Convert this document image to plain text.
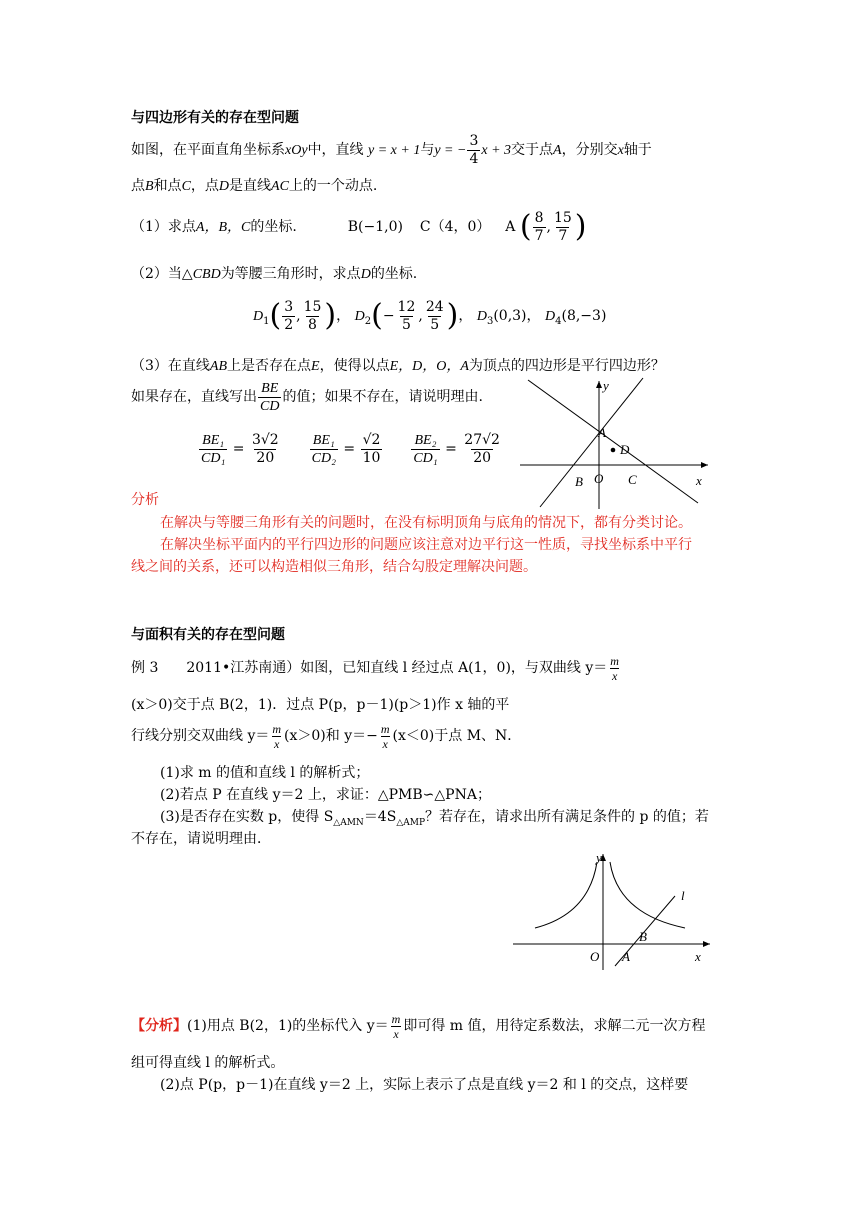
与四边形有关的存在型问题
如图，在平面直角坐标系xOy中，直线 y = x + 1与y = − $\frac{3}{4}$ x + 3交于点A，分别交x轴于
点B和点C，点D是直线AC上的一个动点.
（1）求点A，B，C的坐标.	B(−1,0) C（4，0） A ( $\frac{8}{7}$ , $\frac{15}{7}$ )
（2）当△CBD为等腰三角形时，求点D的坐标.
$D_1( \frac{3}{2}$ , $\frac{15}{8}$ )， $D_2(- \frac{12}{5}$ , $\frac{24}{5}$ )， $D_3(0,3)$， $D_4(8,-3)$
（3）在直线AB上是否存在点E，使得以点E，D，O，A为顶点的四边形是平行四边形？
如果存在，直线写出 $\frac{BE}{CD}$ 的值；如果不存在，请说明理由.
$\frac{\text{BE₁}}{\text{CD₁}} = \frac{3√2}{20}$
$\frac{\text{BE₁}}{\text{CD₂}} = \frac{√2}{10}$
$\frac{\text{BE₂}}{\text{CD₁}} = \frac{27√2}{20}$
y
A
D
B O C	x
分析
在解决与等腰三角形有关的问题时，在没有标明顶角与底角的情况下，都有分类讨论。
在解决坐标平面内的平行四边形的问题应该注意对边平行这一性质，寻找坐标系中平行
线之间的关系，还可以构造相似三角形，结合勾股定理解决问题。
与面积有关的存在型问题
例 3 2011•江苏南通）如图，已知直线 l 经过点 A(1，0)，与双曲线 $y= \frac{m}{x}$
(x＞0)交于点 B(2，1)．过点 P(p，p－1)(p＞1)作 x 轴的平
行线分别交双曲线 $y= \frac{m}{x} (x>0)$和 $y=- \frac{m}{x} (x<0)$于点 M、N．
(1)求 m 的值和直线 l 的解析式；
(2)若点 P 在直线 y＝2 上，求证：△PMB∽△PNA；
(3)是否存在实数 p，使得 $S_{\triangle AMN}=4S_{\triangle AMP}$？若存在，请求出所有满足条件的 p 的值；若
不存在，请说明理由．
y
l
B
O A	x
【分析】(1)用点 B(2，1)的坐标代入 $y= \frac{m}{x}$ 即可得 m 值，用待定系数法，求解二元一次方程
组可得直线 l 的解析式。
(2)点 P(p，p－1)在直线 y＝2 上，实际上表示了点是直线 y＝2 和 l 的交点，这样要
